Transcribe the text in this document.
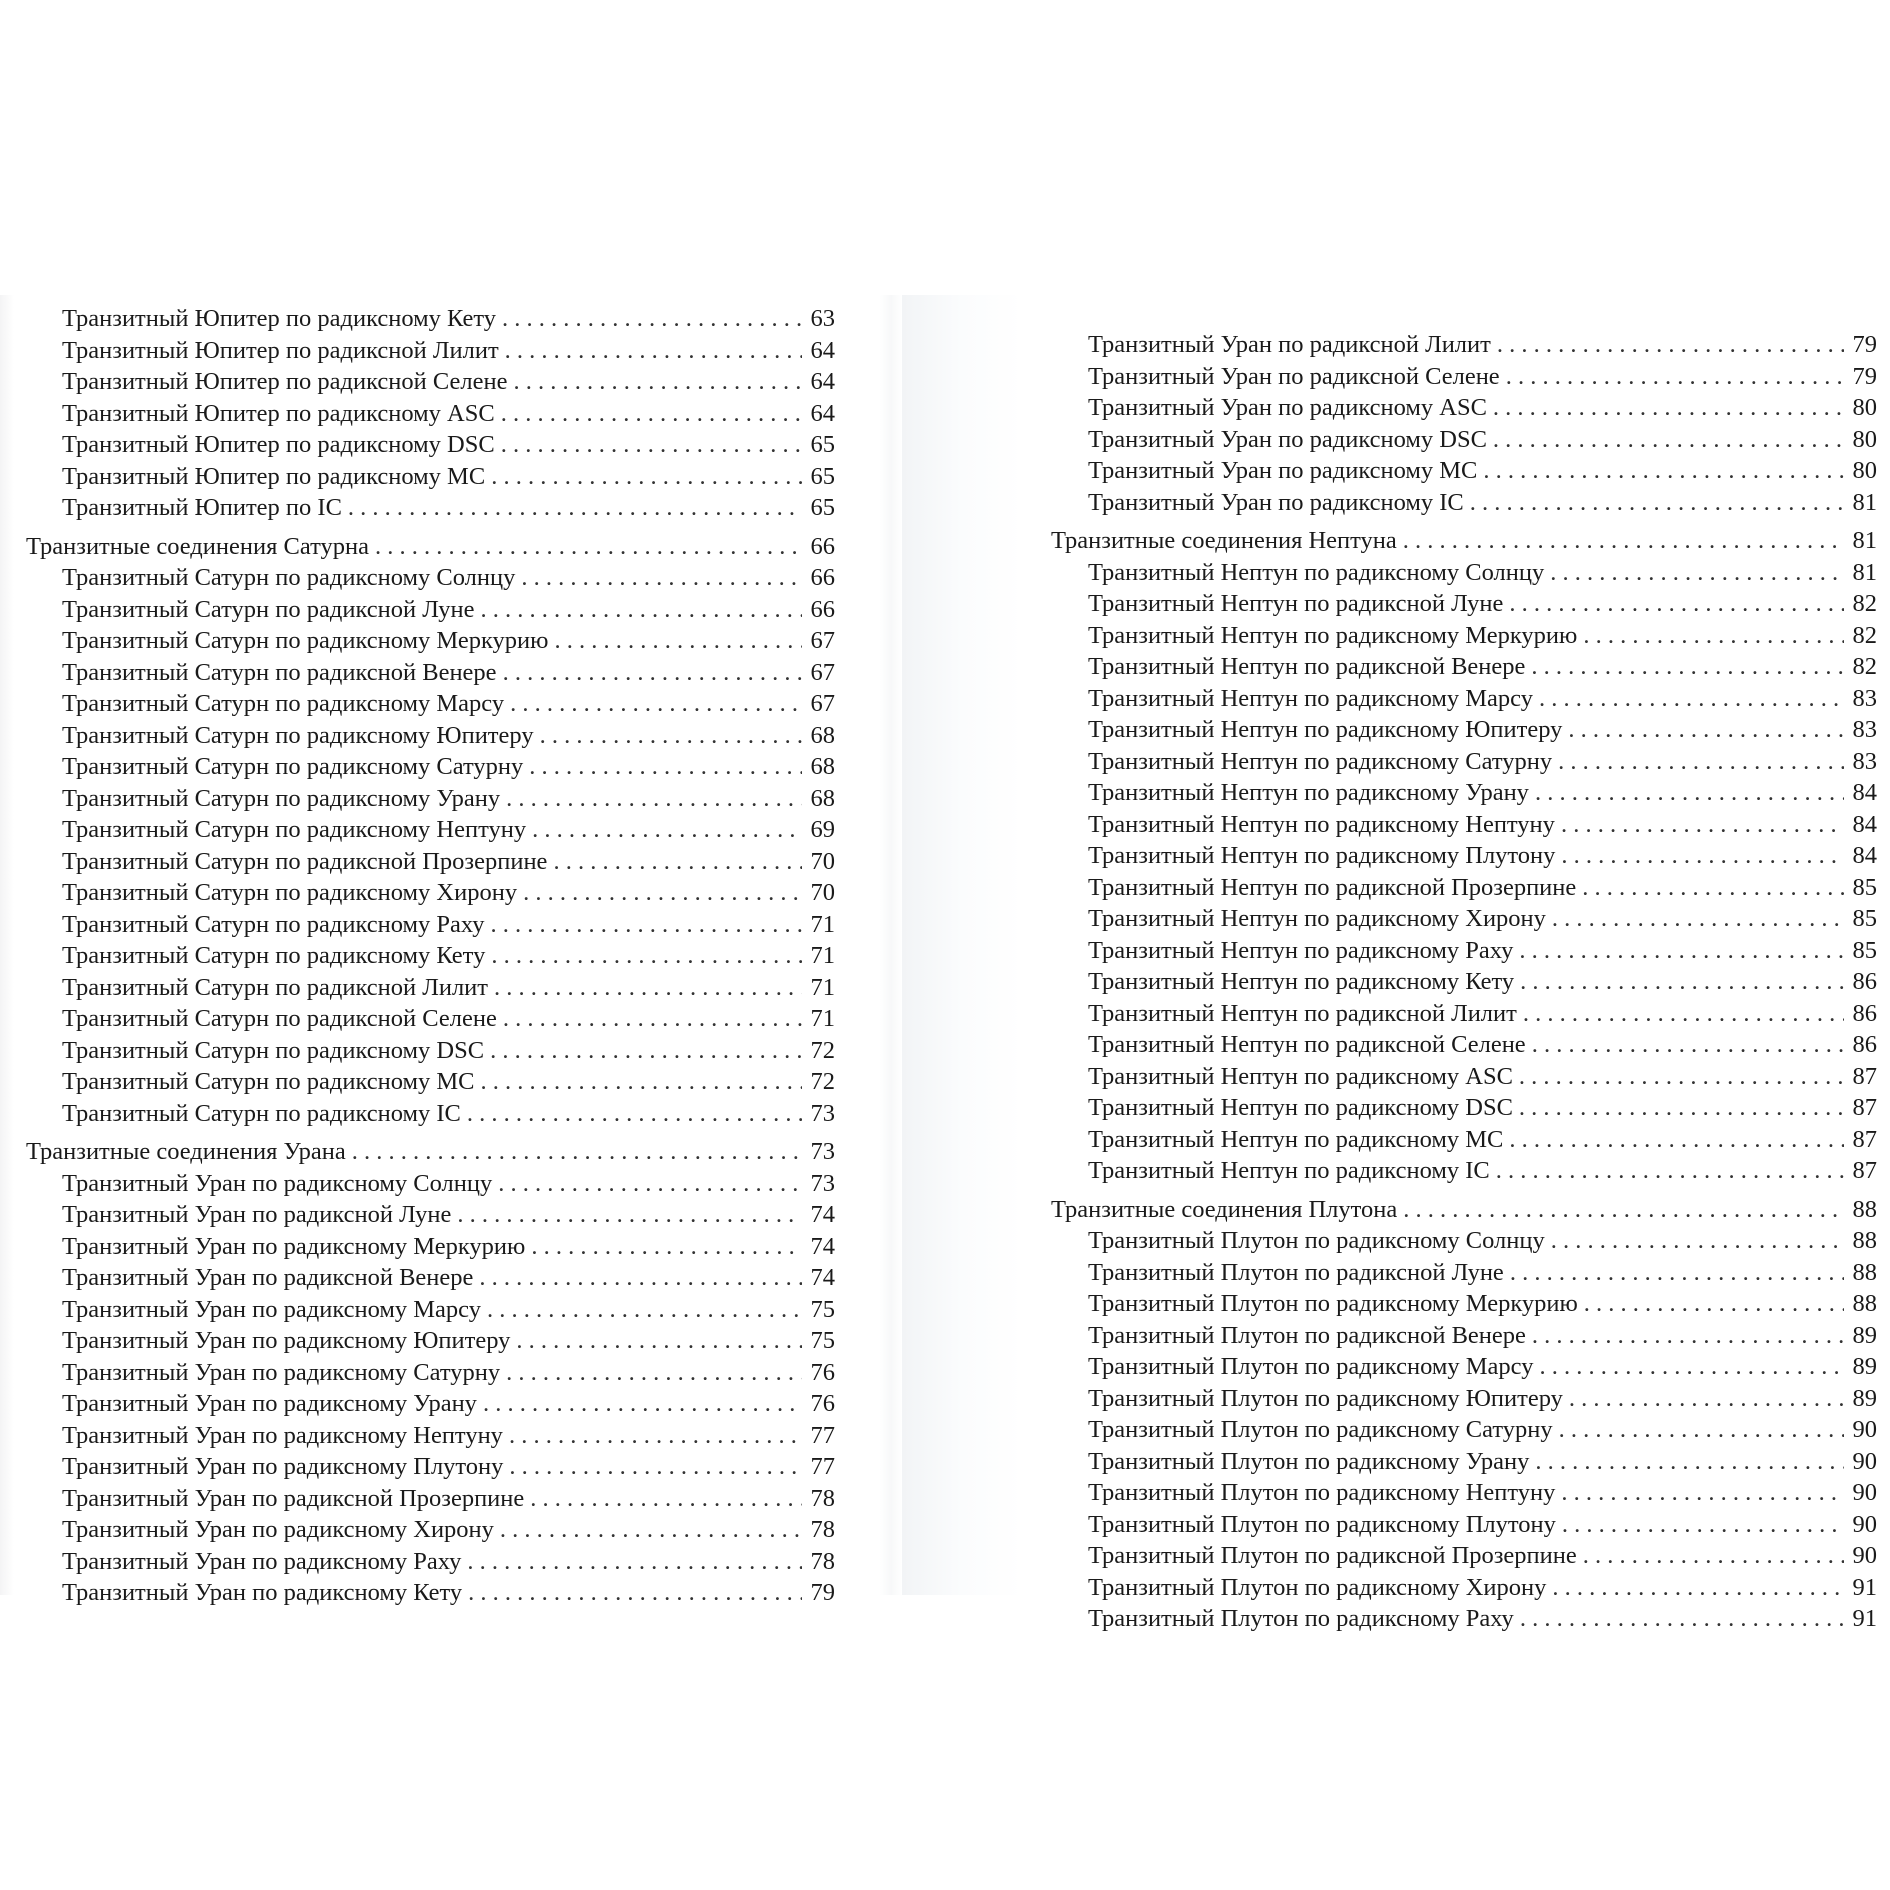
Транзитный Юпитер по радиксному Кету . . .	63
Транзитный Юпитер по радиксной Лилит . . .	64
Транзитный Юпитер по радиксной Селене . . .	64
Транзитный Юпитер по радиксному ASC . . .	64
Транзитный Юпитер по радиксному DSC . . .	65
Транзитный Юпитер по радиксному МС . . .	65
Транзитный Юпитер по IC . . .	65
Транзитные соединения Сатурна . . .	66
Транзитный Сатурн по радиксному Солнцу . . .	66
Транзитный Сатурн по радиксной Луне . . .	66
Транзитный Сатурн по радиксному Меркурию . . .	67
Транзитный Сатурн по радиксной Венере . . .	67
Транзитный Сатурн по радиксному Марсу . . .	67
Транзитный Сатурн по радиксному Юпитеру . . .	68
Транзитный Сатурн по радиксному Сатурну . . .	68
Транзитный Сатурн по радиксному Урану . . .	68
Транзитный Сатурн по радиксному Нептуну . . .	69
Транзитный Сатурн по радиксной Прозерпине . . .	70
Транзитный Сатурн по радиксному Хирону . . .	70
Транзитный Сатурн по радиксному Раху . . .	71
Транзитный Сатурн по радиксному Кету . . .	71
Транзитный Сатурн по радиксной Лилит . . .	71
Транзитный Сатурн по радиксной Селене . . .	71
Транзитный Сатурн по радиксному DSC . . .	72
Транзитный Сатурн по радиксному МС . . .	72
Транзитный Сатурн по радиксному IC . . .	73
Транзитные соединения Урана . . .	73
Транзитный Уран по радиксному Солнцу . . .	73
Транзитный Уран по радиксной Луне . . .	74
Транзитный Уран по радиксному Меркурию . . .	74
Транзитный Уран по радиксной Венере . . .	74
Транзитный Уран по радиксному Марсу . . .	75
Транзитный Уран по радиксному Юпитеру . . .	75
Транзитный Уран по радиксному Сатурну . . .	76
Транзитный Уран по радиксному Урану . . .	76
Транзитный Уран по радиксному Нептуну . . .	77
Транзитный Уран по радиксному Плутону . . .	77
Транзитный Уран по радиксной Прозерпине . . .	78
Транзитный Уран по радиксному Хирону . . .	78
Транзитный Уран по радиксному Раху . . .	78
Транзитный Уран по радиксному Кету . . .	79
Транзитный Уран по радиксной Лилит . . .	79
Транзитный Уран по радиксной Селене . . .	79
Транзитный Уран по радиксному ASC . . .	80
Транзитный Уран по радиксному DSC . . .	80
Транзитный Уран по радиксному МС . . .	80
Транзитный Уран по радиксному IC . . .	81
Транзитные соединения Нептуна . . .	81
Транзитный Нептун по радиксному Солнцу . . .	81
Транзитный Нептун по радиксной Луне . . .	82
Транзитный Нептун по радиксному Меркурию . . .	82
Транзитный Нептун по радиксной Венере . . .	82
Транзитный Нептун по радиксному Марсу . . .	83
Транзитный Нептун по радиксному Юпитеру . . .	83
Транзитный Нептун по радиксному Сатурну . . .	83
Транзитный Нептун по радиксному Урану . . .	84
Транзитный Нептун по радиксному Нептуну . . .	84
Транзитный Нептун по радиксному Плутону . . .	84
Транзитный Нептун по радиксной Прозерпине . . .	85
Транзитный Нептун по радиксному Хирону . . .	85
Транзитный Нептун по радиксному Раху . . .	85
Транзитный Нептун по радиксному Кету . . .	86
Транзитный Нептун по радиксной Лилит . . .	86
Транзитный Нептун по радиксной Селене . . .	86
Транзитный Нептун по радиксному ASC . . .	87
Транзитный Нептун по радиксному DSC . . .	87
Транзитный Нептун по радиксному МС . . .	87
Транзитный Нептун по радиксному IC . . .	87
Транзитные соединения Плутона . . .	88
Транзитный Плутон по радиксному Солнцу . . .	88
Транзитный Плутон по радиксной Луне . . .	88
Транзитный Плутон по радиксному Меркурию . . .	88
Транзитный Плутон по радиксной Венере . . .	89
Транзитный Плутон по радиксному Марсу . . .	89
Транзитный Плутон по радиксному Юпитеру . . .	89
Транзитный Плутон по радиксному Сатурну . . .	90
Транзитный Плутон по радиксному Урану . . .	90
Транзитный Плутон по радиксному Нептуну . . .	90
Транзитный Плутон по радиксному Плутону . . .	90
Транзитный Плутон по радиксной Прозерпине . . .	90
Транзитный Плутон по радиксному Хирону . . .	91
Транзитный Плутон по радиксному Раху . . .	91
